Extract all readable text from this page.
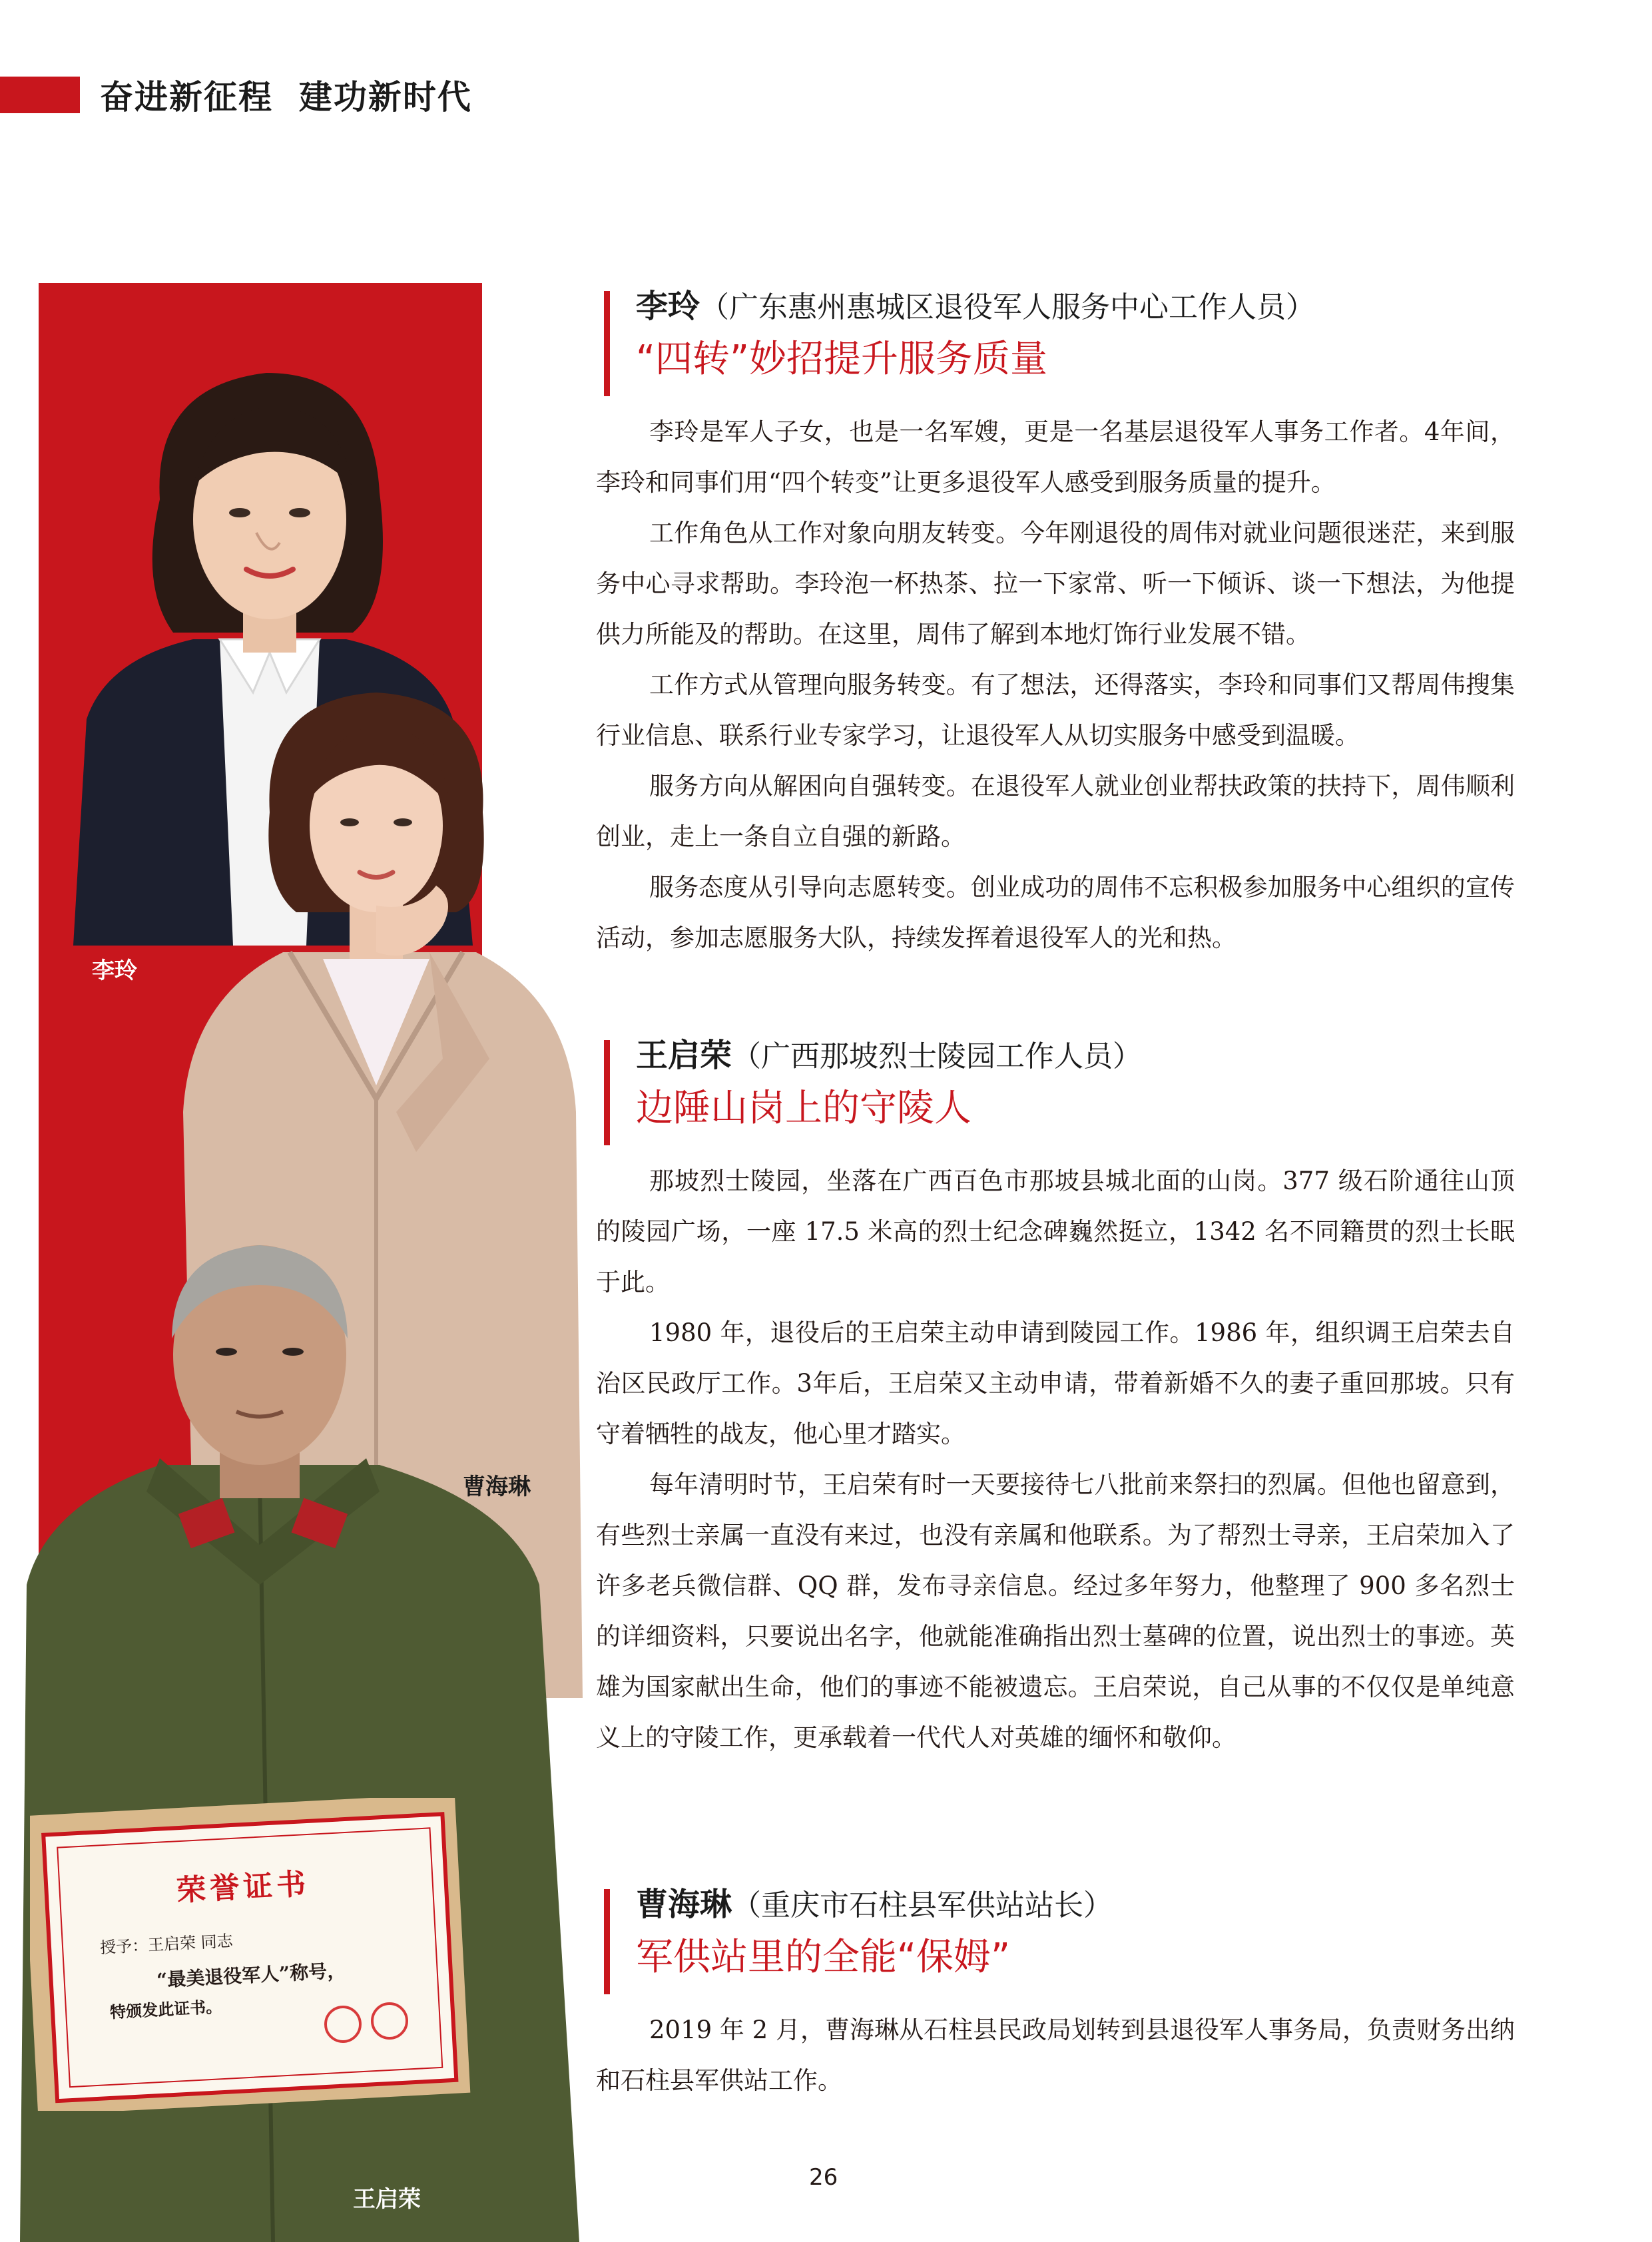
奋进新征程  建功新时代
李玲
曹海琳
王启荣
荣誉证书
授予：王启荣 同志
“最美退役军人”称号，
特颁发此证书。
李玲（广东惠州惠城区退役军人服务中心工作人员）
“四转”妙招提升服务质量

李玲是军人子女，也是一名军嫂，更是一名基层退役军人事务工作者。4年间，李玲和同事们用“四个转变”让更多退役军人感受到服务质量的提升。

工作角色从工作对象向朋友转变。今年刚退役的周伟对就业问题很迷茫，来到服务中心寻求帮助。李玲泡一杯热茶、拉一下家常、听一下倾诉、谈一下想法，为他提供力所能及的帮助。在这里，周伟了解到本地灯饰行业发展不错。

工作方式从管理向服务转变。有了想法，还得落实，李玲和同事们又帮周伟搜集行业信息、联系行业专家学习，让退役军人从切实服务中感受到温暖。

服务方向从解困向自强转变。在退役军人就业创业帮扶政策的扶持下，周伟顺利创业，走上一条自立自强的新路。

服务态度从引导向志愿转变。创业成功的周伟不忘积极参加服务中心组织的宣传活动，参加志愿服务大队，持续发挥着退役军人的光和热。

王启荣（广西那坡烈士陵园工作人员）
边陲山岗上的守陵人

那坡烈士陵园，坐落在广西百色市那坡县城北面的山岗。377 级石阶通往山顶的陵园广场，一座 17.5 米高的烈士纪念碑巍然挺立，1342 名不同籍贯的烈士长眠于此。

1980 年，退役后的王启荣主动申请到陵园工作。1986 年，组织调王启荣去自治区民政厅工作。3年后，王启荣又主动申请，带着新婚不久的妻子重回那坡。只有守着牺牲的战友，他心里才踏实。

每年清明时节，王启荣有时一天要接待七八批前来祭扫的烈属。但他也留意到，有些烈士亲属一直没有来过，也没有亲属和他联系。为了帮烈士寻亲，王启荣加入了许多老兵微信群、QQ 群，发布寻亲信息。经过多年努力，他整理了 900 多名烈士的详细资料，只要说出名字，他就能准确指出烈士墓碑的位置，说出烈士的事迹。英雄为国家献出生命，他们的事迹不能被遗忘。王启荣说，自己从事的不仅仅是单纯意义上的守陵工作，更承载着一代代人对英雄的缅怀和敬仰。

曹海琳（重庆市石柱县军供站站长）
军供站里的全能“保姆”

2019 年 2 月，曹海琳从石柱县民政局划转到县退役军人事务局，负责财务出纳和石柱县军供站工作。

26
